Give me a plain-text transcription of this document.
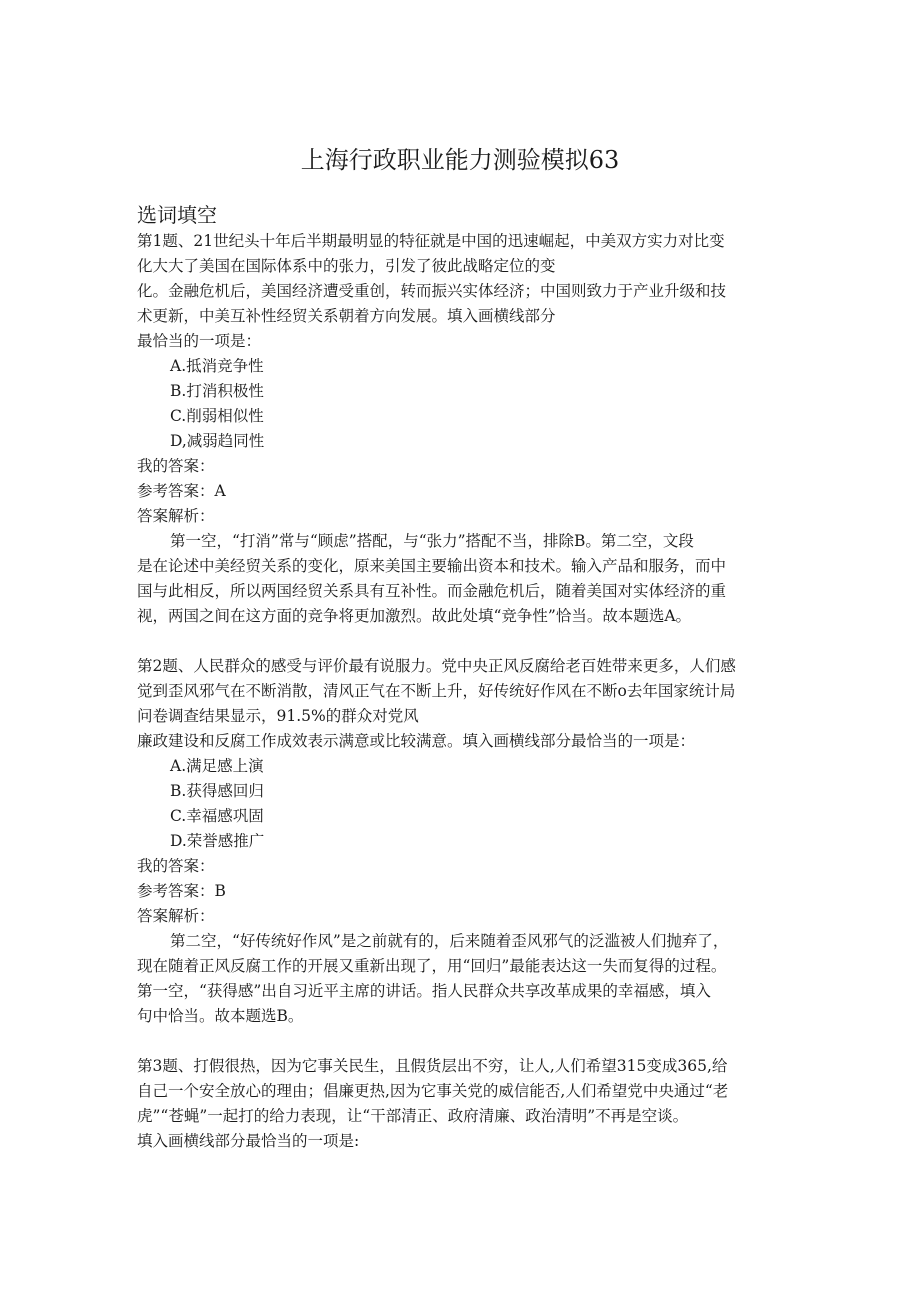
上海行政职业能力测验模拟63
选词填空
第1题、21世纪头十年后半期最明显的特征就是中国的迅速崛起，中美双方实力对比变
化大大了美国在国际体系中的张力，引发了彼此战略定位的变
化。金融危机后，美国经济遭受重创，转而振兴实体经济；中国则致力于产业升级和技
术更新，中美互补性经贸关系朝着方向发展。填入画横线部分
最恰当的一项是：
A.抵消竞争性
B.打消积极性
C.削弱相似性
D,减弱趋同性
我的答案：
参考答案：A
答案解析：
第一空，“打消”常与“顾虑”搭配，与“张力”搭配不当，排除B。第二空，文段
是在论述中美经贸关系的变化，原来美国主要输出资本和技术。输入产品和服务，而中
国与此相反，所以两国经贸关系具有互补性。而金融危机后，随着美国对实体经济的重
视，两国之间在这方面的竞争将更加激烈。故此处填“竞争性”恰当。故本题选A。
第2题、人民群众的感受与评价最有说服力。党中央正风反腐给老百姓带来更多，人们感
觉到歪风邪气在不断消散，清风正气在不断上升，好传统好作风在不断o去年国家统计局
问卷调查结果显示，91.5%的群众对党风
廉政建设和反腐工作成效表示满意或比较满意。填入画横线部分最恰当的一项是：
A.满足感上演
B.获得感回归
C.幸福感巩固
D.荣誉感推广
我的答案：
参考答案：B
答案解析：
第二空，“好传统好作风”是之前就有的，后来随着歪风邪气的泛滥被人们抛弃了，
现在随着正风反腐工作的开展又重新出现了，用“回归”最能表达这一失而复得的过程。
第一空，“获得感”出自习近平主席的讲话。指人民群众共享改革成果的幸福感，填入
句中恰当。故本题选B。
第3题、打假很热，因为它事关民生，且假货层出不穷，让人,人们希望315变成365,给
自己一个安全放心的理由；倡廉更热,因为它事关党的威信能否,人们希望党中央通过“老
虎”“苍蝇”一起打的给力表现，让“干部清正、政府清廉、政治清明”不再是空谈。
填入画横线部分最恰当的一项是:
